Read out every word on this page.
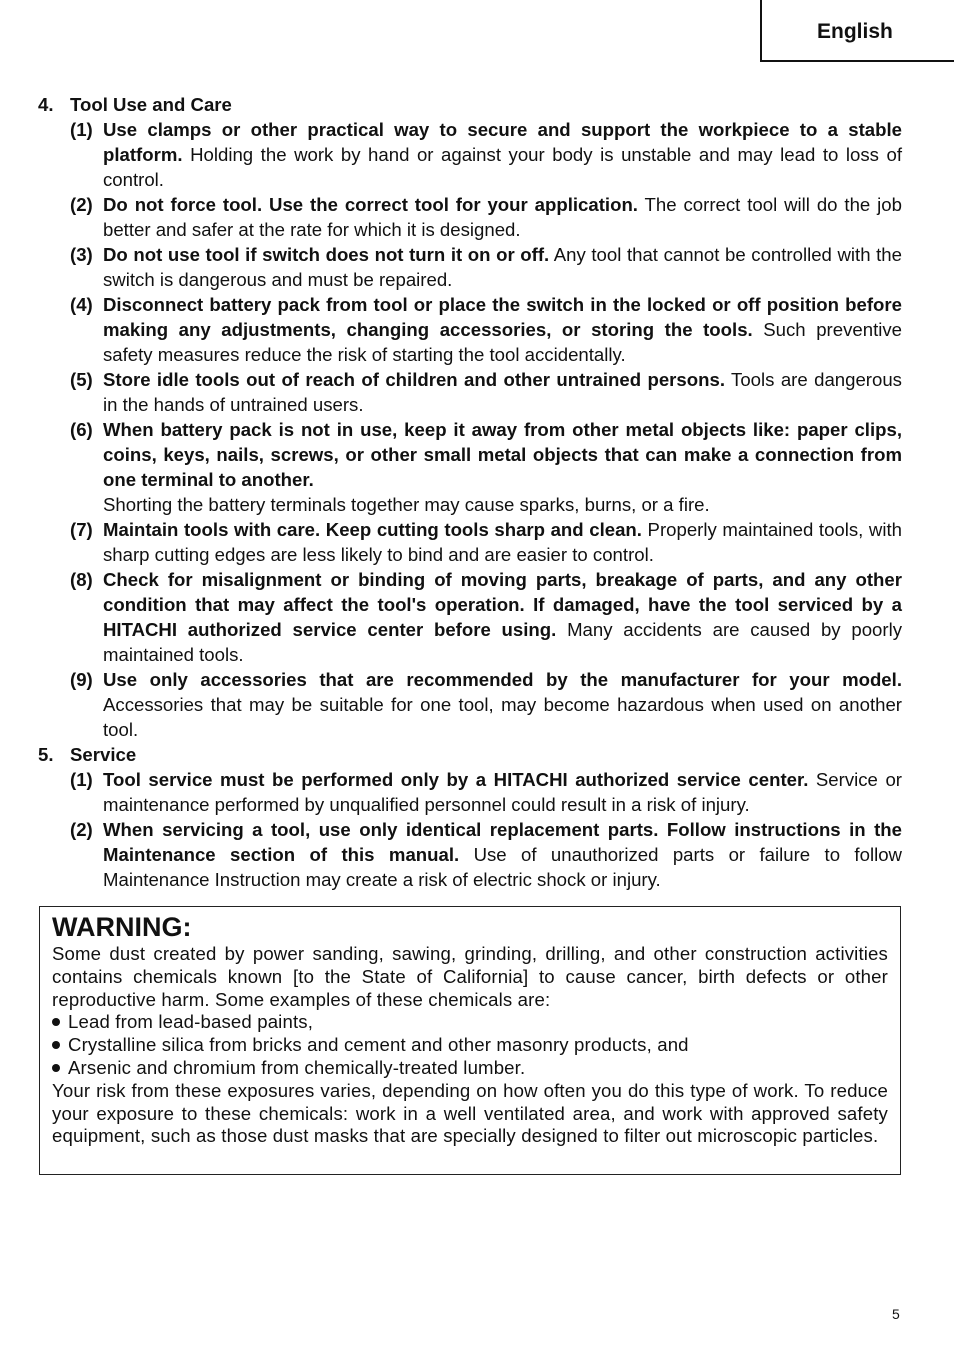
English
4. Tool Use and Care
(1) Use clamps or other practical way to secure and support the workpiece to a stable platform. Holding the work by hand or against your body is unstable and may lead to loss of control.
(2) Do not force tool. Use the correct tool for your application. The correct tool will do the job better and safer at the rate for which it is designed.
(3) Do not use tool if switch does not turn it on or off. Any tool that cannot be controlled with the switch is dangerous and must be repaired.
(4) Disconnect battery pack from tool or place the switch in the locked or off position before making any adjustments, changing accessories, or storing the tools. Such preventive safety measures reduce the risk of starting the tool accidentally.
(5) Store idle tools out of reach of children and other untrained persons. Tools are dangerous in the hands of untrained users.
(6) When battery pack is not in use, keep it away from other metal objects like: paper clips, coins, keys, nails, screws, or other small metal objects that can make a connection from one terminal to another.
Shorting the battery terminals together may cause sparks, burns, or a fire.
(7) Maintain tools with care. Keep cutting tools sharp and clean. Properly maintained tools, with sharp cutting edges are less likely to bind and are easier to control.
(8) Check for misalignment or binding of moving parts, breakage of parts, and any other condition that may affect the tool's operation. If damaged, have the tool serviced by a HITACHI authorized service center before using. Many accidents are caused by poorly maintained tools.
(9) Use only accessories that are recommended by the manufacturer for your model. Accessories that may be suitable for one tool, may become hazardous when used on another tool.
5. Service
(1) Tool service must be performed only by a HITACHI authorized service center. Service or maintenance performed by unqualified personnel could result in a risk of injury.
(2) When servicing a tool, use only identical replacement parts. Follow instructions in the Maintenance section of this manual. Use of unauthorized parts or failure to follow Maintenance Instruction may create a risk of electric shock or injury.
WARNING:
Some dust created by power sanding, sawing, grinding, drilling, and other construction activities contains chemicals known [to the State of California] to cause cancer, birth defects or other reproductive harm. Some examples of these chemicals are:
Lead from lead-based paints,
Crystalline silica from bricks and cement and other masonry products, and
Arsenic and chromium from chemically-treated lumber.
Your risk from these exposures varies, depending on how often you do this type of work. To reduce your exposure to these chemicals: work in a well ventilated area, and work with approved safety equipment, such as those dust masks that are specially designed to filter out microscopic particles.
5
